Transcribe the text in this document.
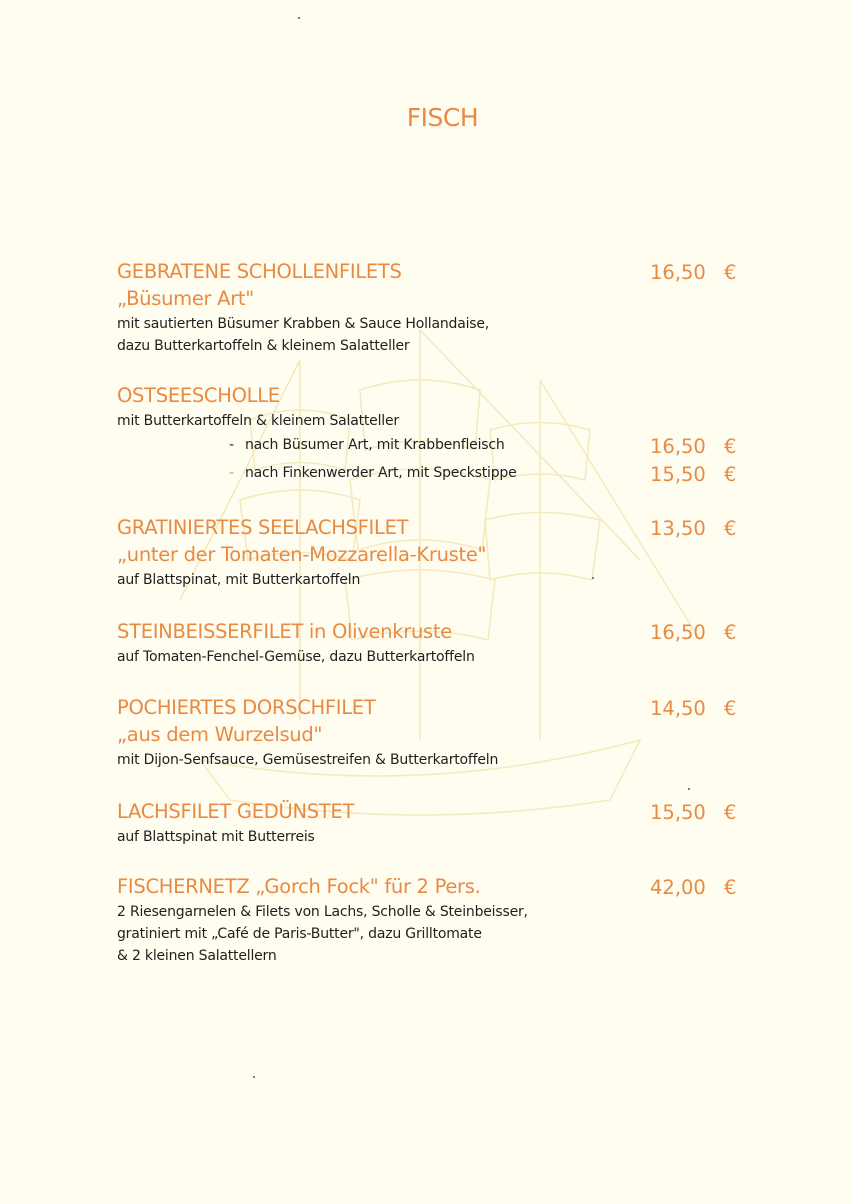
FISCH
GEBRATENE SCHOLLENFILETS
„Büsumer Art"
mit sautierten Büsumer Krabben & Sauce Hollandaise,
dazu Butterkartoffeln & kleinem Salatteller
16,50 €
OSTSEESCHOLLE
mit Butterkartoffeln & kleinem Salatteller
- nach Büsumer Art, mit Krabbenfleisch	16,50 €
- nach Finkenwerder Art, mit Speckstippe	15,50 €
GRATINIERTES SEELACHSFILET
„unter der Tomaten-Mozzarella-Kruste"
auf Blattspinat, mit Butterkartoffeln
13,50 €
STEINBEISSERFILET in Olivenkruste
auf Tomaten-Fenchel-Gemüse, dazu Butterkartoffeln
16,50 €
POCHIERTES DORSCHFILET
„aus dem Wurzelsud"
mit Dijon-Senfsauce, Gemüsestreifen & Butterkartoffeln
14,50 €
LACHSFILET GEDÜNSTET
auf Blattspinat mit Butterreis
15,50 €
FISCHERNETZ „Gorch Fock" für 2 Pers.
2 Riesengarnelen & Filets von Lachs, Scholle & Steinbeisser,
gratiniert mit „Café de Paris-Butter", dazu Grilltomate
& 2 kleinen Salattellern
42,00 €
